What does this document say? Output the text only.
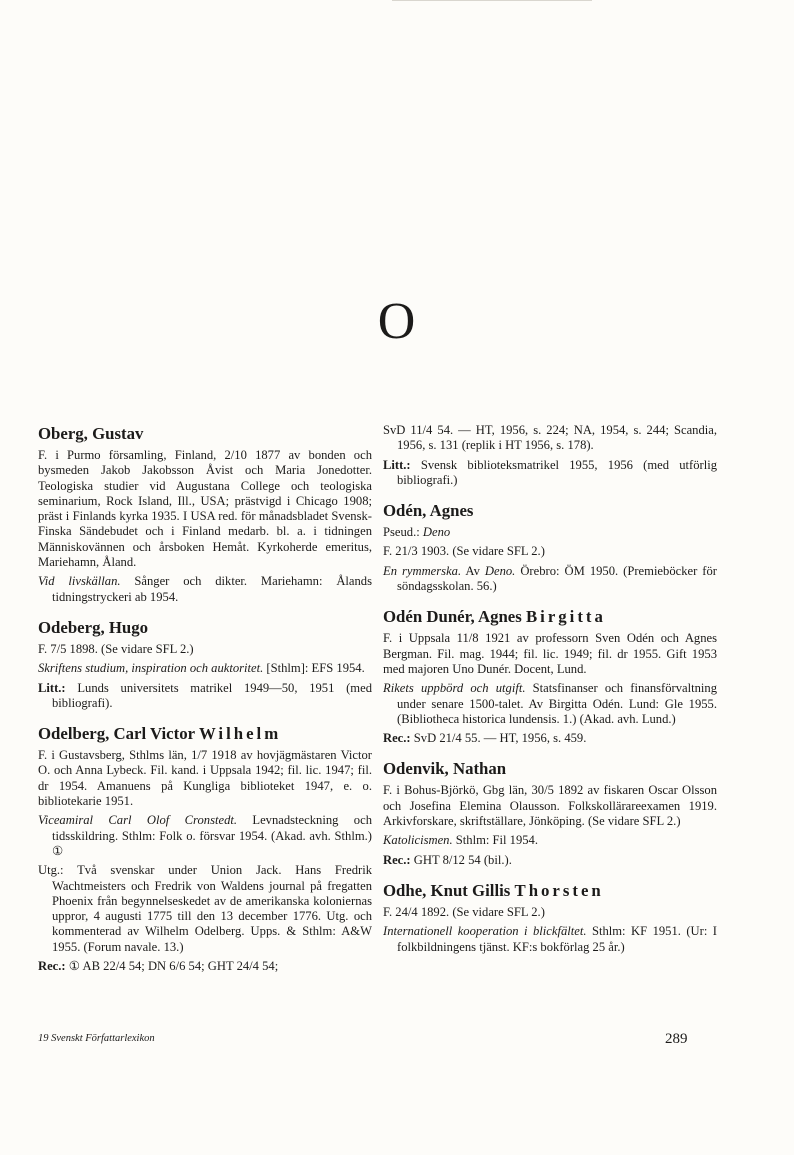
O
Oberg, Gustav

F. i Purmo församling, Finland, 2/10 1877 av bonden och bysmeden Jakob Jakobsson Åvist och Maria Jonedotter. Teologiska studier vid Augustana College och teologiska seminarium, Rock Island, Ill., USA; prästvigd i Chicago 1908; präst i Finlands kyrka 1935. I USA red. för månadsbladet Svensk-Finska Sändebudet och i Finland medarb. bl. a. i tidningen Människovännen och årsboken Hemåt. Kyrkoherde emeritus, Mariehamn, Åland.

Vid livskällan. Sånger och dikter. Mariehamn: Ålands tidningstryckeri ab 1954.

Odeberg, Hugo

F. 7/5 1898. (Se vidare SFL 2.)

Skriftens studium, inspiration och auktoritet. [Sthlm]: EFS 1954.

Litt.: Lunds universitets matrikel 1949—50, 1951 (med bibliografi).

Odelberg, Carl Victor Wilhelm

F. i Gustavsberg, Sthlms län, 1/7 1918 av hovjägmästaren Victor O. och Anna Lybeck. Fil. kand. i Uppsala 1942; fil. lic. 1947; fil. dr 1954. Amanuens på Kungliga biblioteket 1947, e. o. bibliotekarie 1951.

Viceamiral Carl Olof Cronstedt. Levnadsteckning och tidsskildring. Sthlm: Folk o. försvar 1954. (Akad. avh. Sthlm.) ①

Utg.: Två svenskar under Union Jack. Hans Fredrik Wachtmeisters och Fredrik von Waldens journal på fregatten Phoenix från begynnelseskedet av de amerikanska koloniernas uppror, 4 augusti 1775 till den 13 december 1776. Utg. och kommenterad av Wilhelm Odelberg. Upps. & Sthlm: A&W 1955. (Forum navale. 13.)

Rec.: ① AB 22/4 54; DN 6/6 54; GHT 24/4 54;

SvD 11/4 54. — HT, 1956, s. 224; NA, 1954, s. 244; Scandia, 1956, s. 131 (replik i HT 1956, s. 178).

Litt.: Svensk biblioteksmatrikel 1955, 1956 (med utförlig bibliografi.)

Odén, Agnes

Pseud.: Deno

F. 21/3 1903. (Se vidare SFL 2.)

En rymmerska. Av Deno. Örebro: ÖM 1950. (Premieböcker för söndagsskolan. 56.)

Odén Dunér, Agnes Birgitta

F. i Uppsala 11/8 1921 av professorn Sven Odén och Agnes Bergman. Fil. mag. 1944; fil. lic. 1949; fil. dr 1955. Gift 1953 med majoren Uno Dunér. Docent, Lund.

Rikets uppbörd och utgift. Statsfinanser och finansförvaltning under senare 1500-talet. Av Birgitta Odén. Lund: Gle 1955. (Bibliotheca historica lundensis. 1.) (Akad. avh. Lund.)

Rec.: SvD 21/4 55. — HT, 1956, s. 459.

Odenvik, Nathan

F. i Bohus-Björkö, Gbg län, 30/5 1892 av fiskaren Oscar Olsson och Josefina Elemina Olausson. Folkskollärareexamen 1919. Arkivforskare, skriftställare, Jönköping. (Se vidare SFL 2.)

Katolicismen. Sthlm: Fil 1954.

Rec.: GHT 8/12 54 (bil.).

Odhe, Knut Gillis Thorsten

F. 24/4 1892. (Se vidare SFL 2.)

Internationell kooperation i blickfältet. Sthlm: KF 1951. (Ur: I folkbildningens tjänst. KF:s bokförlag 25 år.)

19 Svenskt Författarlexikon	289
